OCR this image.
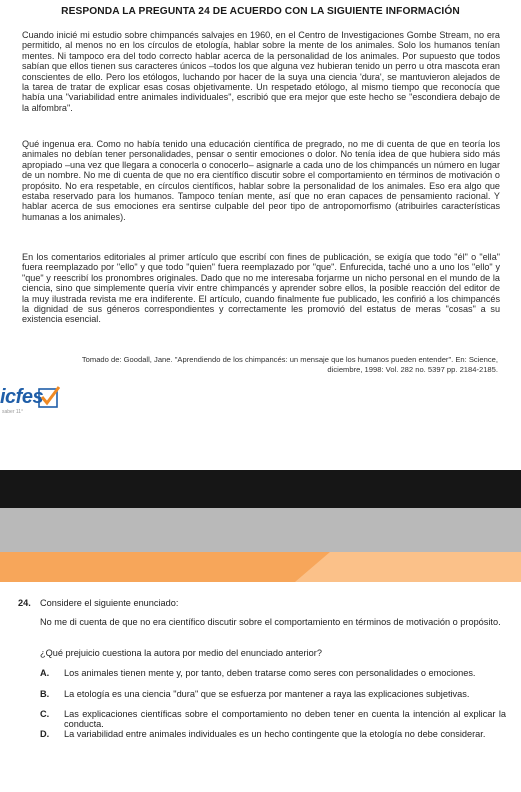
RESPONDA LA PREGUNTA 24 DE ACUERDO CON LA SIGUIENTE INFORMACIÓN
Cuando inicié mi estudio sobre chimpancés salvajes en 1960, en el Centro de Investigaciones Gombe Stream, no era permitido, al menos no en los círculos de etología, hablar sobre la mente de los animales. Solo los humanos tenían mentes. Ni tampoco era del todo correcto hablar acerca de la personalidad de los animales. Por supuesto que todos sabían que ellos tienen sus caracteres únicos –todos los que alguna vez hubieran tenido un perro u otra mascota eran conscientes de ello. Pero los etólogos, luchando por hacer de la suya una ciencia 'dura', se mantuvieron alejados de la tarea de tratar de explicar esas cosas objetivamente. Un respetado etólogo, al mismo tiempo que reconocía que había una "variabilidad entre animales individuales", escribió que era mejor que este hecho se "escondiera debajo de la alfombra".
Qué ingenua era. Como no había tenido una educación científica de pregrado, no me di cuenta de que en teoría los animales no debían tener personalidades, pensar o sentir emociones o dolor. No tenía idea de que hubiera sido más apropiado –una vez que llegara a conocerla o conocerlo– asignarle a cada uno de los chimpancés un número en lugar de un nombre. No me di cuenta de que no era científico discutir sobre el comportamiento en términos de motivación o propósito. No era respetable, en círculos científicos, hablar sobre la personalidad de los animales. Eso era algo que estaba reservado para los humanos. Tampoco tenían mente, así que no eran capaces de pensamiento racional. Y hablar acerca de sus emociones era sentirse culpable del peor tipo de antropomorfismo (atribuirles características humanas a los animales).
En los comentarios editoriales al primer artículo que escribí con fines de publicación, se exigía que todo "él" o "ella" fuera reemplazado por "ello" y que todo "quien" fuera reemplazado por "que". Enfurecida, taché uno a uno los "ello" y "que" y reescribí los pronombres originales. Dado que no me interesaba forjarme un nicho personal en el mundo de la ciencia, sino que simplemente quería vivir entre chimpancés y aprender sobre ellos, la posible reacción del editor de la muy ilustrada revista me era indiferente. El artículo, cuando finalmente fue publicado, les confirió a los chimpancés la dignidad de sus géneros correspondientes y correctamente les promovió del estatus de meras "cosas" a su existencia esencial.
Tomado de: Goodall, Jane. "Aprendiendo de los chimpancés: un mensaje que los humanos pueden entender". En: Science,
diciembre, 1998: Vol. 282 no. 5397 pp. 2184-2185.
icfes
saber 11°
24. Considere el siguiente enunciado:
No me di cuenta de que no era científico discutir sobre el comportamiento en términos de motivación o propósito.
¿Qué prejuicio cuestiona la autora por medio del enunciado anterior?
A. Los animales tienen mente y, por tanto, deben tratarse como seres con personalidades o emociones.
B. La etología es una ciencia "dura" que se esfuerza por mantener a raya las explicaciones subjetivas.
C. Las explicaciones científicas sobre el comportamiento no deben tener en cuenta la intención al explicar la conducta.
D. La variabilidad entre animales individuales es un hecho contingente que la etología no debe considerar.
